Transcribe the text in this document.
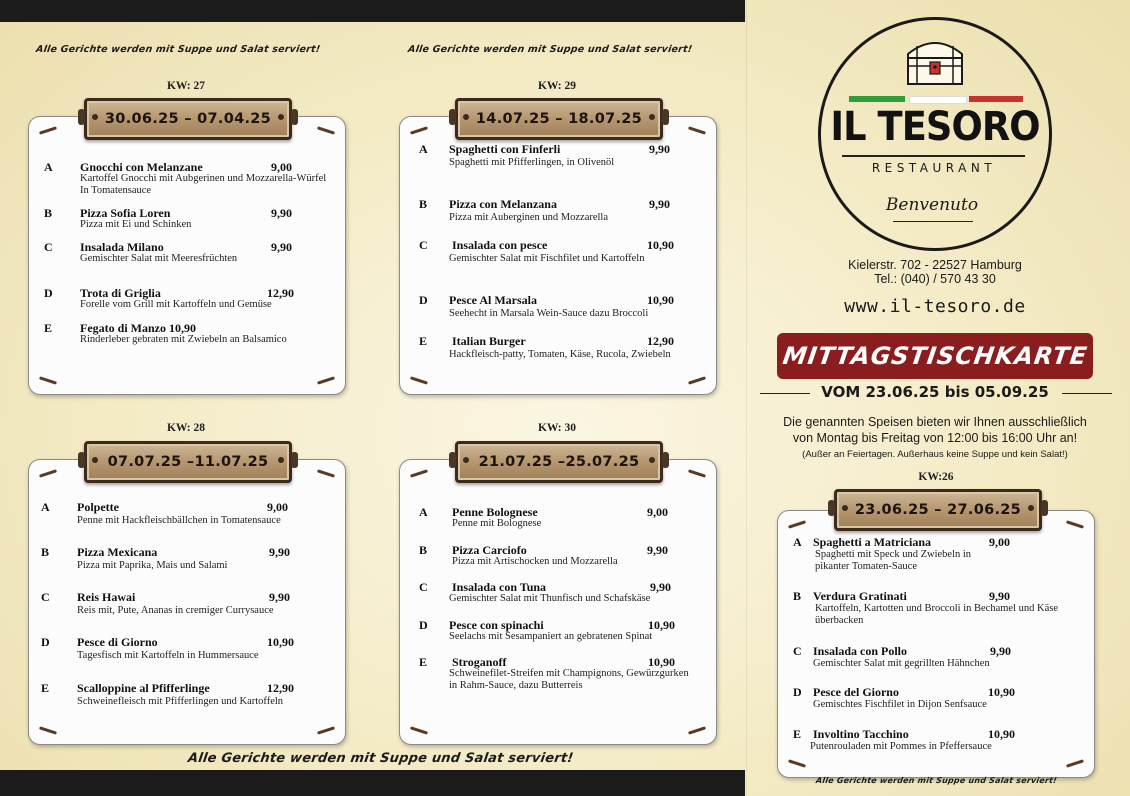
Alle Gerichte werden mit Suppe und Salat serviert!	Alle Gerichte werden mit Suppe und Salat serviert!
Alle Gerichte werden mit Suppe und Salat serviert!
KW: 27
A Gnocchi con Melanzane	9,00
Kartoffel Gnocchi mit Aubgerinen und Mozzarella-Würfel In Tomatensauce
B Pizza Sofia Loren	9,90
Pizza mit Ei und Schinken
C Insalada Milano	9,90
Gemischter Salat mit Meeresfrüchten
D Trota di Griglia	12,90
Forelle vom Grill mit Kartoffeln und Gemüse
E Fegato di Manzo 10,90
Rinderleber gebraten mit Zwiebeln an Balsamico
30.06.25 – 07.04.25
KW: 28
A Polpette	9,00
Penne mit Hackfleischbällchen in Tomatensauce
B Pizza Mexicana	9,90
Pizza mit Paprika, Mais und Salami
C Reis Hawai	9,90
Reis mit, Pute, Ananas in cremiger Currysauce
D Pesce di Giorno	10,90
Tagesfisch mit Kartoffeln in Hummersauce
E Scalloppine al Pfifferlinge	12,90
Schweinefleisch mit Pfifferlingen und Kartoffeln
07.07.25 –11.07.25
KW: 29
A Spaghetti con Finferli	9,90
Spaghetti mit Pfifferlingen, in Olivenöl
B Pizza con Melanzana	9,90
Pizza mit Auberginen und Mozzarella
C Insalada con pesce	10,90
Gemischter Salat mit Fischfilet und Kartoffeln
D Pesce Al Marsala	10,90
Seehecht in Marsala Wein-Sauce dazu Broccoli
E Italian Burger	12,90
Hackfleisch-patty, Tomaten, Käse, Rucola, Zwiebeln
14.07.25 – 18.07.25
KW: 30
A Penne Bolognese	9,00
Penne mit Bolognese
B Pizza Carciofo	9,90
Pizza mit Artischocken und Mozzarella
C Insalada con Tuna	9,90
Gemischter Salat mit Thunfisch und Schafskäse
D Pesce con spinachi	10,90
Seelachs mit Sesampaniert an gebratenen Spinat
E Stroganoff	10,90
Schweinefilet-Streifen mit Champignons, Gewürzgurken in Rahm-Sauce, dazu Butterreis
21.07.25 –25.07.25
IL TESORO
RESTAURANT
Benvenuto
Kielerstr. 702 - 22527 Hamburg
Tel.: (040) / 570 43 30
www.il-tesoro.de
MITTAGSTISCHKARTE
VOM 23.06.25 bis 05.09.25
Die genannten Speisen bieten wir Ihnen ausschließlich
von Montag bis Freitag von 12:00 bis 16:00 Uhr an!
(Außer an Feiertagen. Außerhaus keine Suppe und kein Salat!)
KW:26
A Spaghetti a Matriciana	9,00
Spaghetti mit Speck und Zwiebeln in pikanter Tomaten-Sauce
B Verdura Gratinati	9,90
Kartoffeln, Kartotten und Broccoli in Bechamel und Käse überbacken
C Insalada con Pollo	9,90
Gemischter Salat mit gegrillten Hähnchen
D Pesce del Giorno	10,90
Gemischtes Fischfilet in Dijon Senfsauce
E Involtino Tacchino	10,90
Putenrouladen mit Pommes in Pfeffersauce
23.06.25 – 27.06.25
Alle Gerichte werden mit Suppe und Salat serviert!
